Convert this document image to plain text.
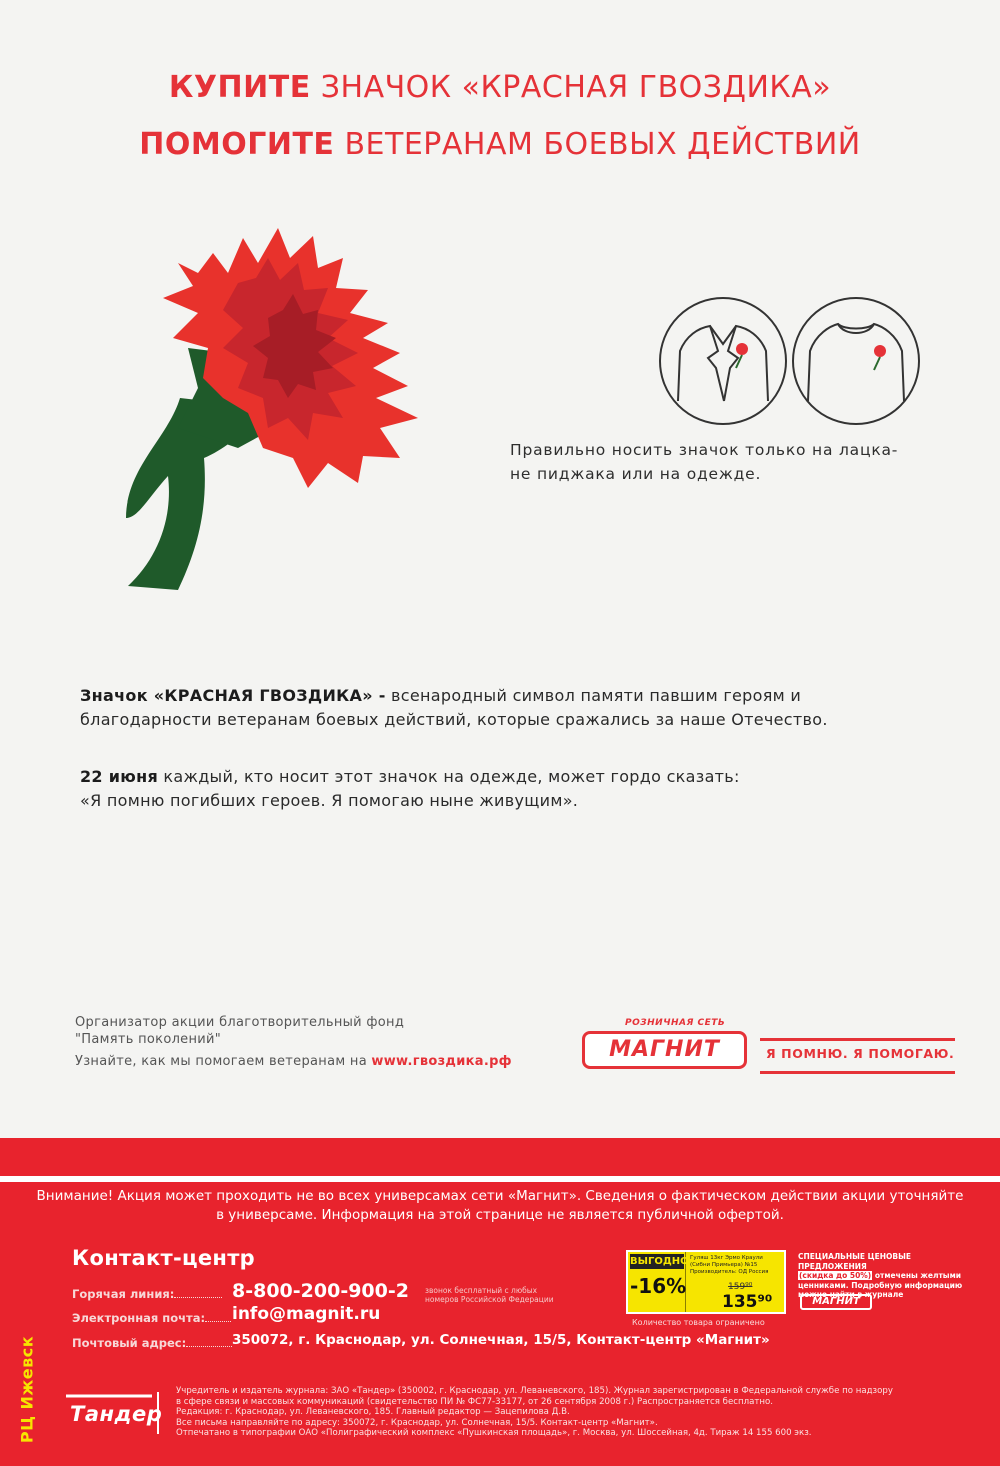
КУПИТЕ ЗНАЧОК «КРАСНАЯ ГВОЗДИКА»
ПОМОГИТЕ ВЕТЕРАНАМ БОЕВЫХ ДЕЙСТВИЙ
Правильно носить значок только на лацка-
не пиджака или на одежде.
Значок «КРАСНАЯ ГВОЗДИКА» - всенародный символ памяти павшим героям и
благодарности ветеранам боевых действий, которые сражались за наше Отечество.
22 июня каждый, кто носит этот значок на одежде, может гордо сказать:
«Я помню погибших героев. Я помогаю ныне живущим».
Организатор акции благотворительный фонд
"Память поколений"
Узнайте, как мы помогаем ветеранам на www.гвоздика.рф
РОЗНИЧНАЯ СЕТЬ
МАГНИТ	Я ПОМНЮ. Я ПОМОГАЮ.
Внимание! Акция может проходить не во всех универсамах сети «Магнит». Сведения о фактическом действии акции уточняйте
в универсаме. Информация на этой странице не является публичной офертой.
Контакт-центр
Горячая линия:	8-800-200-900-2 звонок бесплатный с любых номеров Российской Федерации
Электронная почта:	info@magnit.ru
Почтовый адрес:	350072, г. Краснодар, ул. Солнечная, 15/5, Контакт-центр «Магнит»
ВЫГОДНО
-16%
Гуляш 13кг Эрмо Краули (Сибни Примьера) №15 Производитель: ОД Россия
159⁹⁰
135⁹⁰
Количество товара ограничено
СПЕЦИАЛЬНЫЕ ЦЕНОВЫЕ ПРЕДЛОЖЕНИЯ
(скидка до 50%) отмечены желтыми ценниками. Подробную информацию можно найти в журнале
МАГНИТ
РЦ Ижевск Тандер
Учредитель и издатель журнала: ЗАО «Тандер» (350002, г. Краснодар, ул. Леваневского, 185). Журнал зарегистрирован в Федеральной службе по надзору
в сфере связи и массовых коммуникаций (свидетельство ПИ № ФС77-33177, от 26 сентября 2008 г.) Распространяется бесплатно.
Редакция: г. Краснодар, ул. Леваневского, 185. Главный редактор — Зацепилова Д.В.
Все письма направляйте по адресу: 350072, г. Краснодар, ул. Солнечная, 15/5. Контакт-центр «Магнит».
Отпечатано в типографии ОАО «Полиграфический комплекс «Пушкинская площадь», г. Москва, ул. Шоссейная, 4д. Тираж 14 155 600 экз.
